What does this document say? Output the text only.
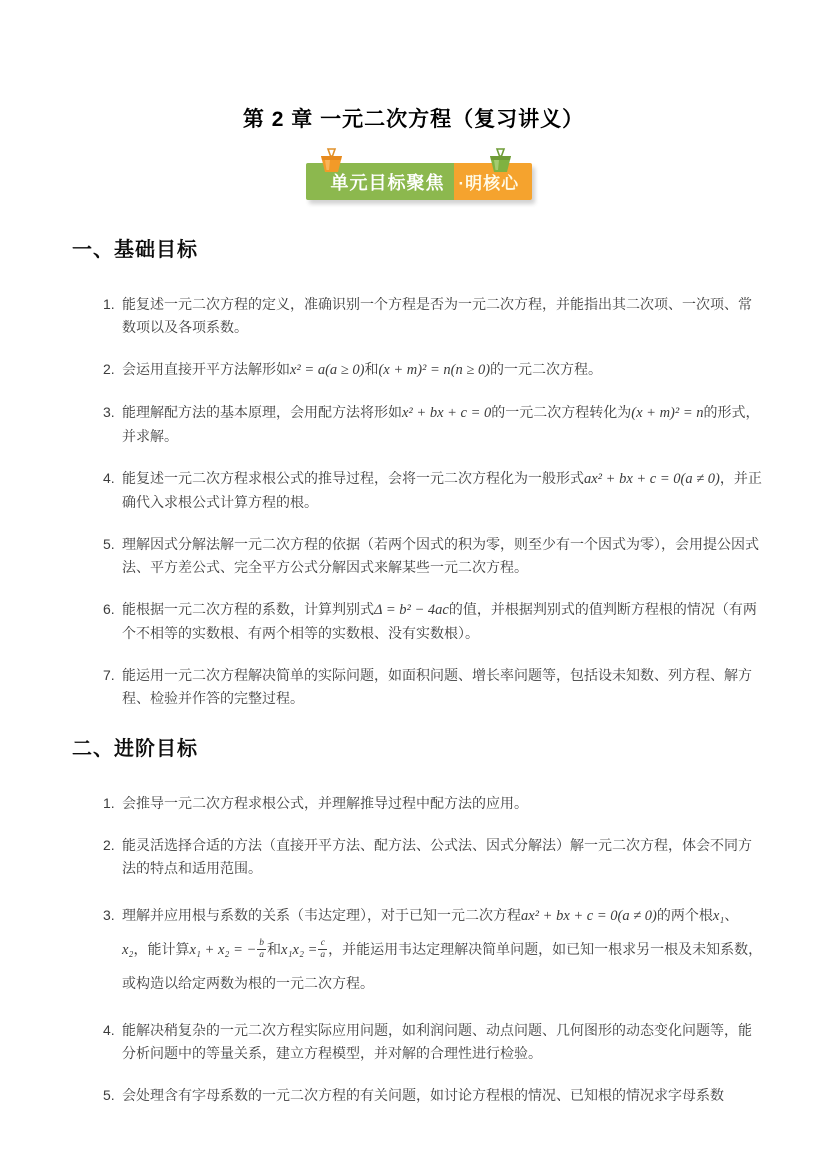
第 2 章 一元二次方程（复习讲义）
单元目标聚焦 ·明核心
一、基础目标
1. 能复述一元二次方程的定义，准确识别一个方程是否为一元二次方程，并能指出其二次项、一次项、常数项以及各项系数。
2. 会运用直接开平方法解形如x² = a(a ≥ 0)和(x + m)² = n(n ≥ 0)的一元二次方程。
3. 能理解配方法的基本原理，会用配方法将形如x² + bx + c = 0的一元二次方程转化为(x + m)² = n的形式，并求解。
4. 能复述一元二次方程求根公式的推导过程，会将一元二次方程化为一般形式ax² + bx + c = 0(a ≠ 0)，并正确代入求根公式计算方程的根。
5. 理解因式分解法解一元二次方程的依据（若两个因式的积为零，则至少有一个因式为零），会用提公因式法、平方差公式、完全平方公式分解因式来解某些一元二次方程。
6. 能根据一元二次方程的系数，计算判别式Δ = b² − 4ac的值，并根据判别式的值判断方程根的情况（有两个不相等的实数根、有两个相等的实数根、没有实数根）。
7. 能运用一元二次方程解决简单的实际问题，如面积问题、增长率问题等，包括设未知数、列方程、解方程、检验并作答的完整过程。
二、进阶目标
1. 会推导一元二次方程求根公式，并理解推导过程中配方法的应用。
2. 能灵活选择合适的方法（直接开平方法、配方法、公式法、因式分解法）解一元二次方程，体会不同方法的特点和适用范围。
3. 理解并应用根与系数的关系（韦达定理），对于已知一元二次方程ax² + bx + c = 0(a ≠ 0)的两个根x₁、x₂，能计算x₁ + x₂ = − $\frac{b}{a}$ 和$x_1x_2 = \frac{c}{a}$ ，并能运用韦达定理解决简单问题，如已知一根求另一根及未知系数，或构造以给定两数为根的一元二次方程。
4. 能解决稍复杂的一元二次方程实际应用问题，如利润问题、动点问题、几何图形的动态变化问题等，能分析问题中的等量关系，建立方程模型，并对解的合理性进行检验。
5. 会处理含有字母系数的一元二次方程的有关问题，如讨论方程根的情况、已知根的情况求字母系数
